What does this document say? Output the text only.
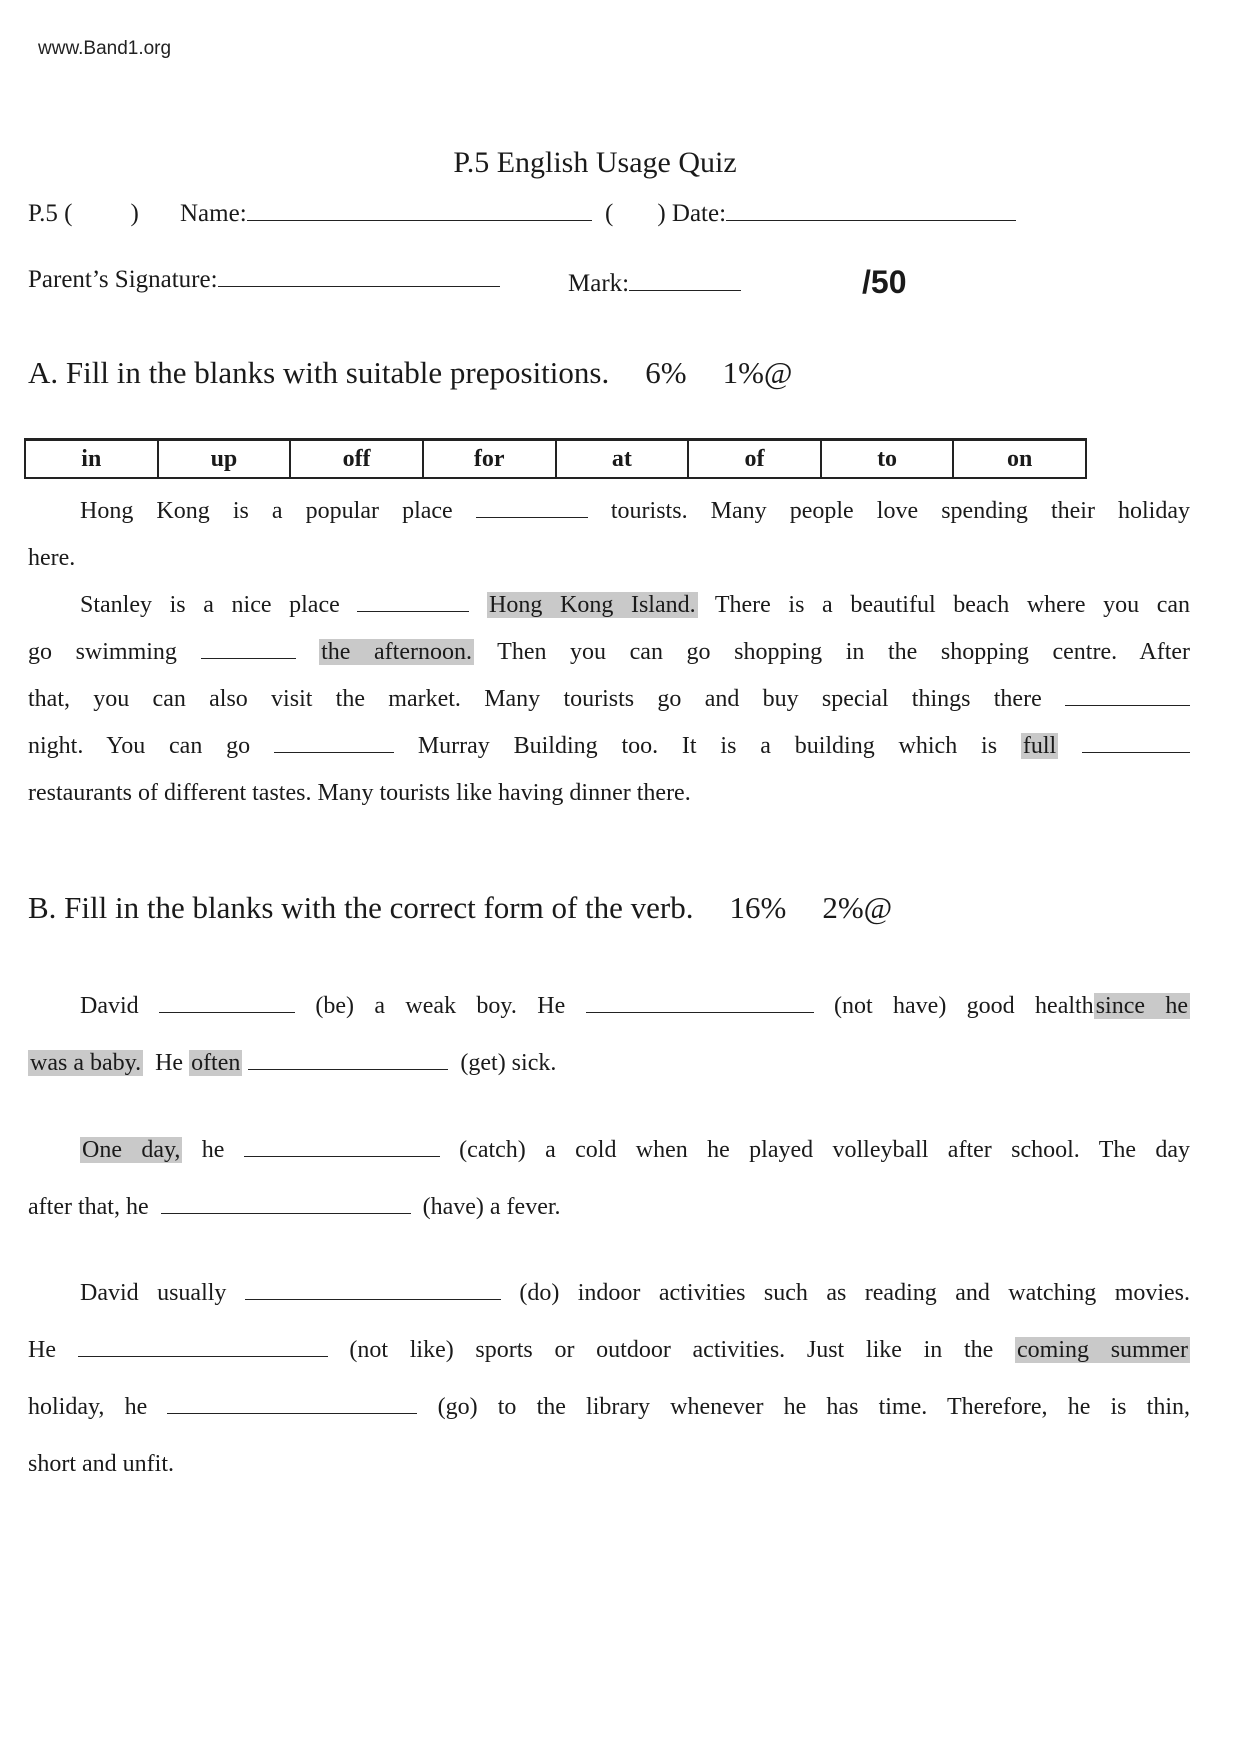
www.Band1.org
P.5 English Usage Quiz
P.5 ( ) Name:	( ) Date:
Parent’s Signature:	Mark:	/50
A. Fill in the blanks with suitable prepositions. 6% 1%@
in	up	off	for	at	of	to	on
Hong Kong is a popular place	tourists. Many people love spending their holiday
here.
Stanley is a nice place	Hong Kong Island. There is a beautiful beach where you can
go swimming	the afternoon. Then you can go shopping in the shopping centre. After
that, you can also visit the market. Many tourists go and buy special things there
night. You can go	Murray Building too. It is a building which is full
restaurants of different tastes. Many tourists like having dinner there.
B. Fill in the blanks with the correct form of the verb. 16% 2%@
David	(be) a weak boy. He	(not have) good healthsince he
was a baby. He often	(get) sick.
One day, he	(catch) a cold when he played volleyball after school. The day
after that, he	(have) a fever.
David usually	(do) indoor activities such as reading and watching movies.
He	(not like) sports or outdoor activities. Just like in the coming summer
holiday, he	(go) to the library whenever he has time. Therefore, he is thin,
short and unfit.
